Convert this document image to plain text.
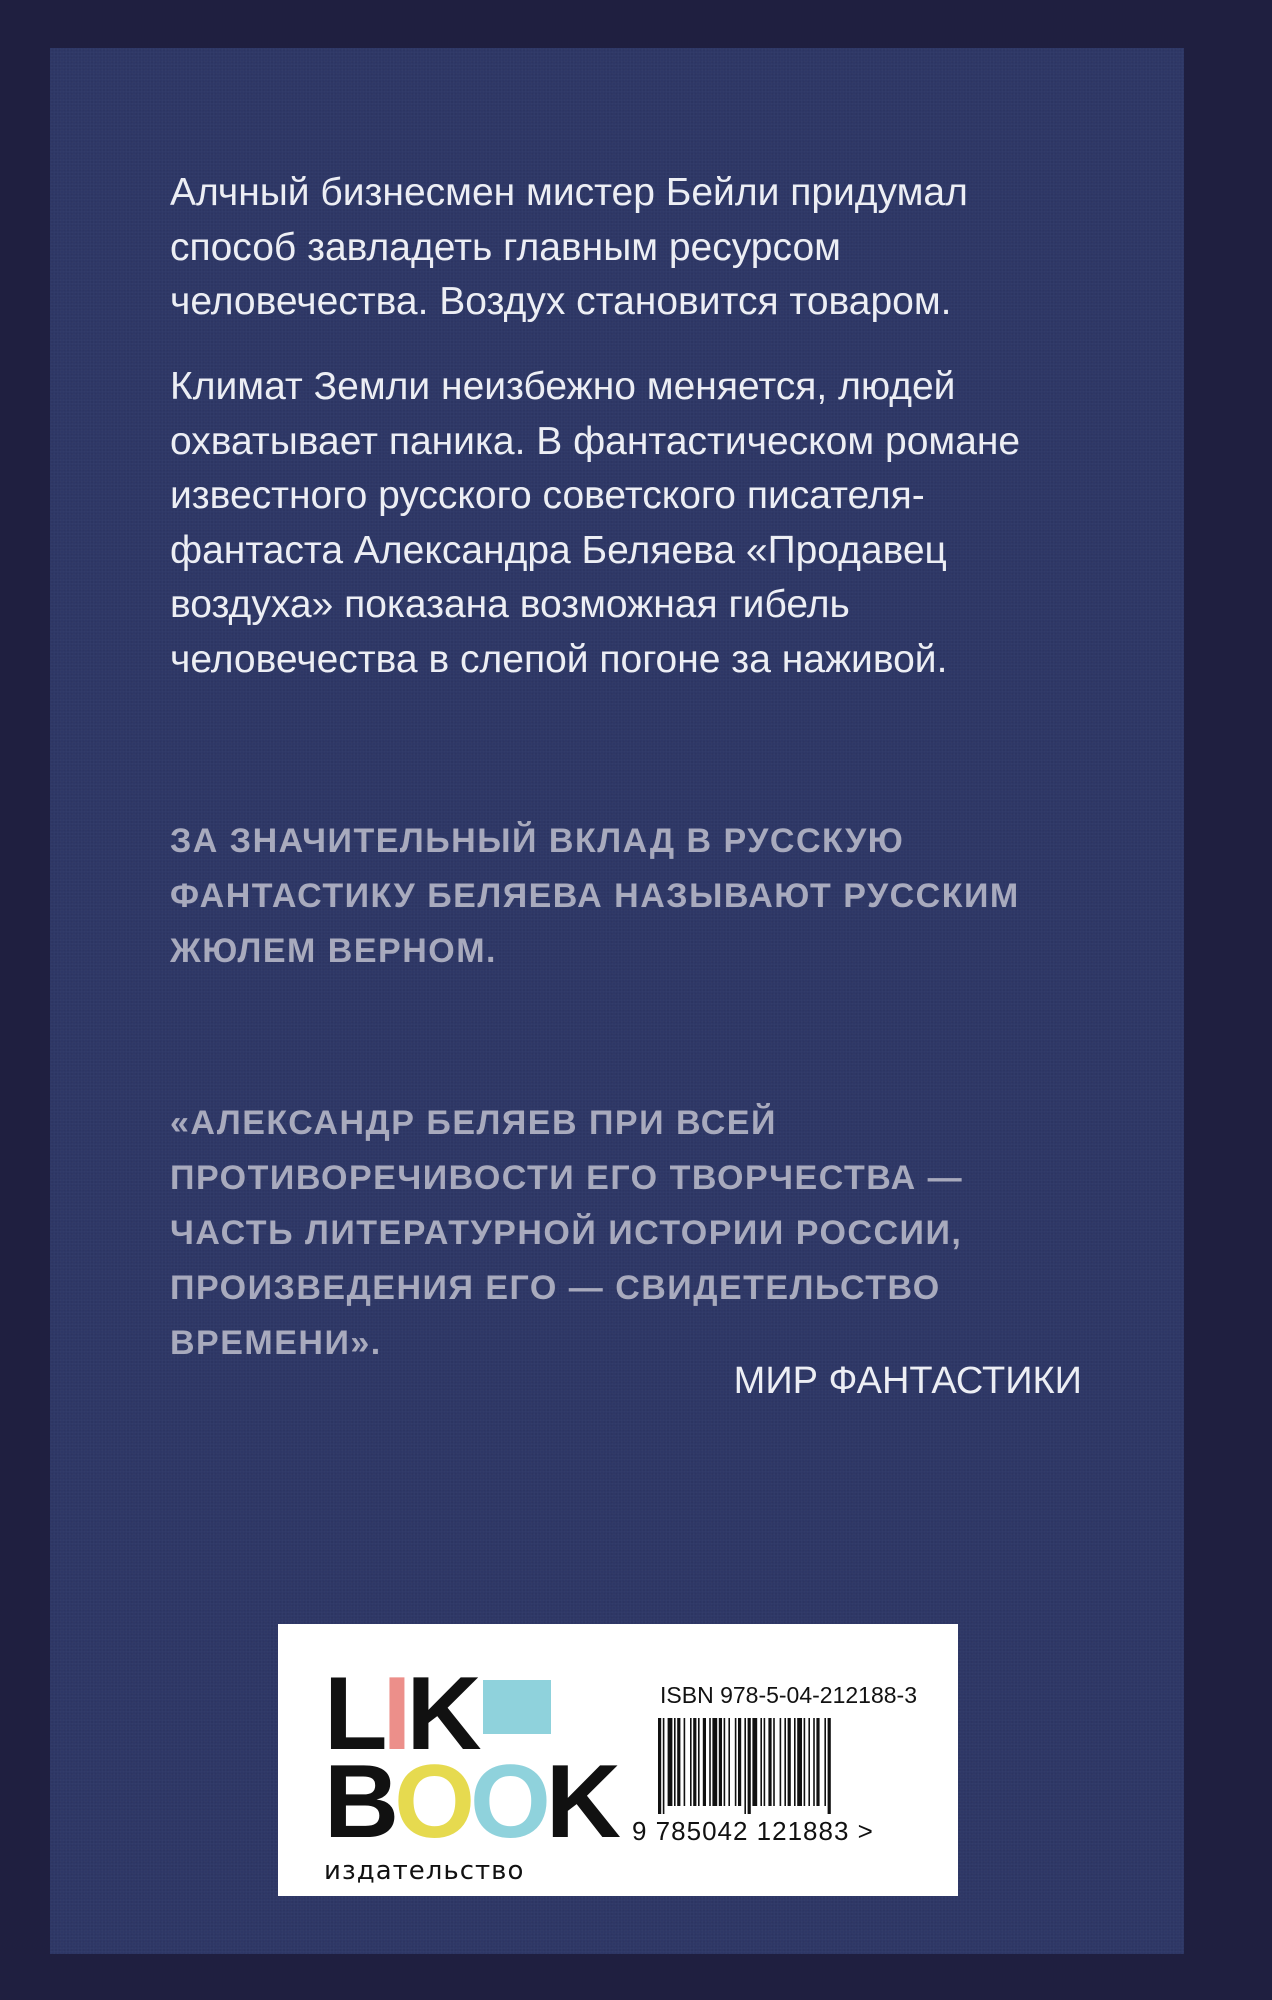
Алчный бизнесмен мистер Бейли придумал
способ завладеть главным ресурсом
человечества. Воздух становится товаром.
Климат Земли неизбежно меняется, людей
охватывает паника. В фантастическом романе
известного русского советского писателя-
фантаста Александра Беляева «Продавец
воздуха» показана возможная гибель
человечества в слепой погоне за наживой.
ЗА ЗНАЧИТЕЛЬНЫЙ ВКЛАД В РУССКУЮ
ФАНТАСТИКУ БЕЛЯЕВА НАЗЫВАЮТ РУССКИМ
ЖЮЛЕМ ВЕРНОМ.
«АЛЕКСАНДР БЕЛЯЕВ ПРИ ВСЕЙ
ПРОТИВОРЕЧИВОСТИ ЕГО ТВОРЧЕСТВА —
ЧАСТЬ ЛИТЕРАТУРНОЙ ИСТОРИИ РОССИИ,
ПРОИЗВЕДЕНИЯ ЕГО — СВИДЕТЕЛЬСТВО
ВРЕМЕНИ».
МИР ФАНТАСТИКИ
L I K
B O O K
издательство
ISBN 978-5-04-212188-3
9 785042 121883 >
